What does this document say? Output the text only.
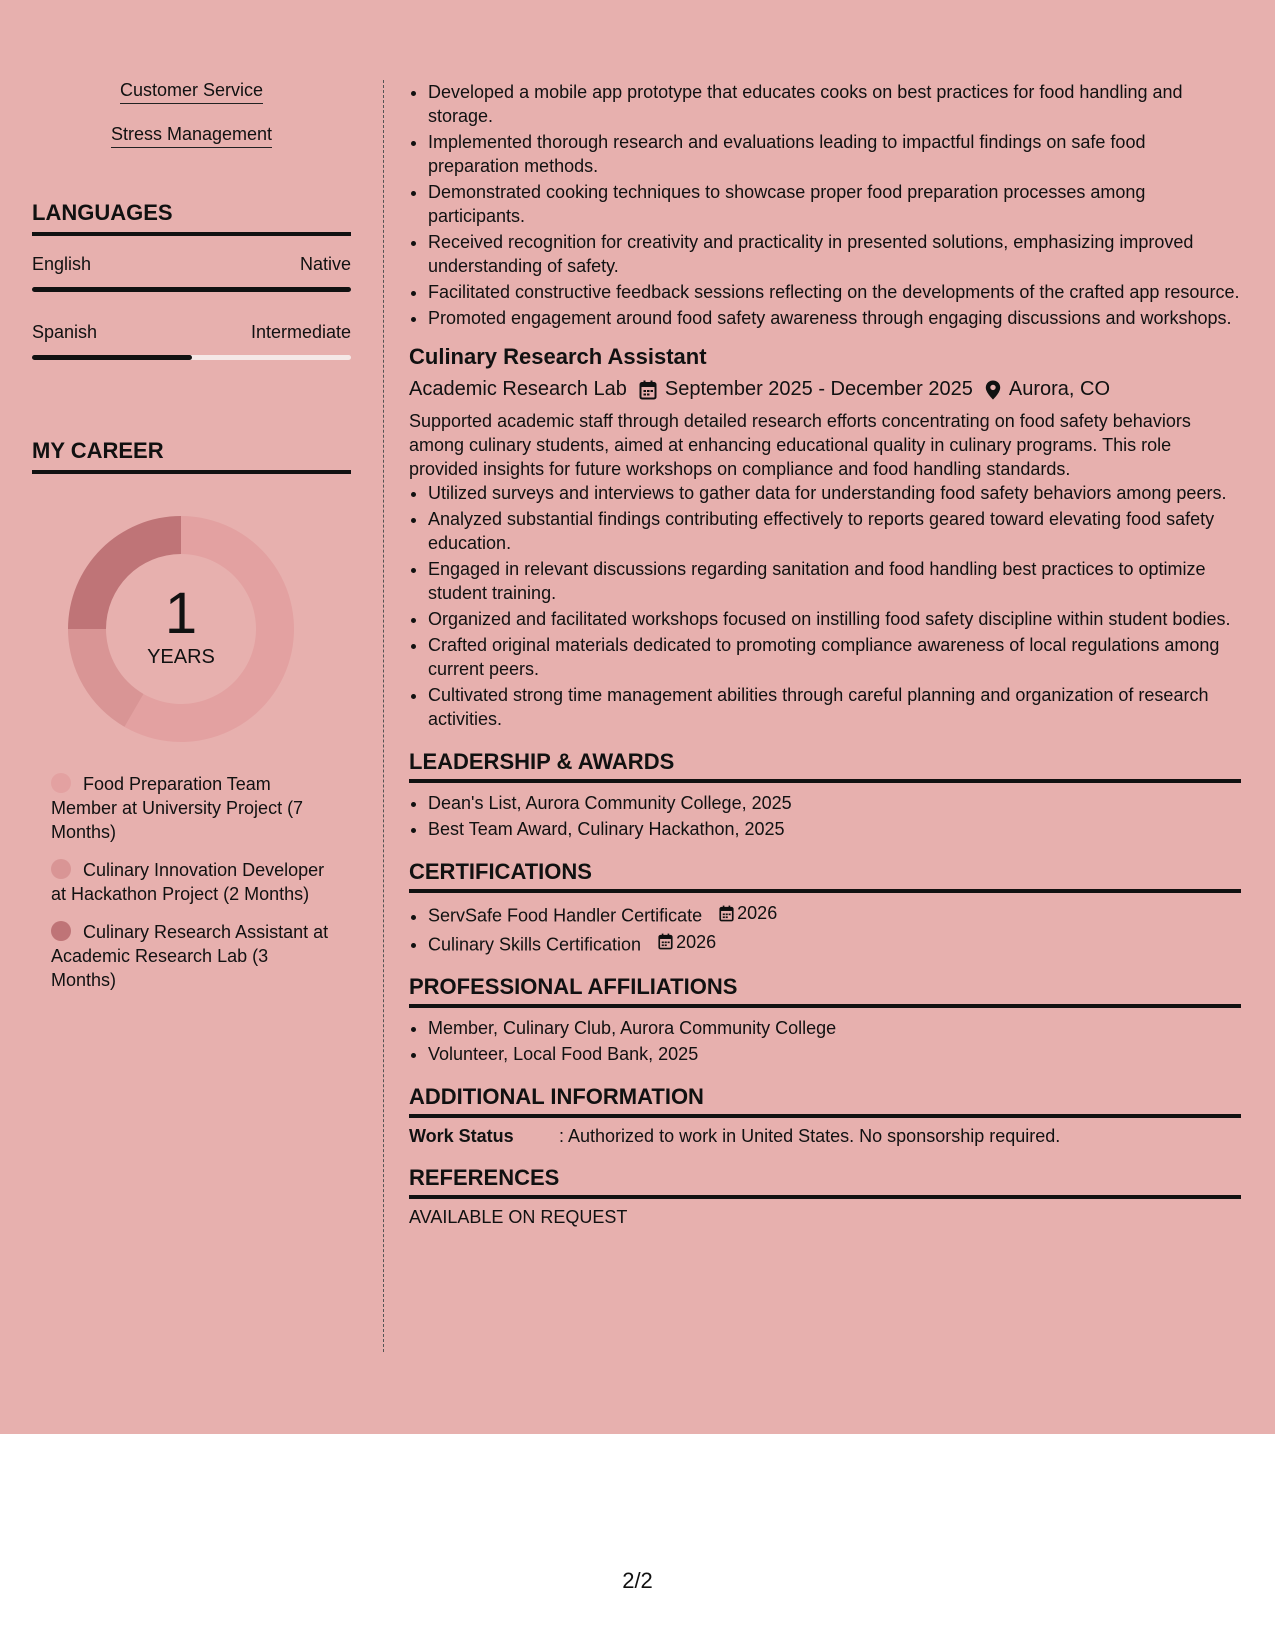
Customer Service
Stress Management
LANGUAGES
English	Native
Spanish	Intermediate
MY CAREER
1
YEARS
Food Preparation Team Member at University Project (7 Months)
Culinary Innovation Developer at Hackathon Project (2 Months)
Culinary Research Assistant at Academic Research Lab (3 Months)
• Developed a mobile app prototype that educates cooks on best practices for food handling and storage.
• Implemented thorough research and evaluations leading to impactful findings on safe food preparation methods.
• Demonstrated cooking techniques to showcase proper food preparation processes among participants.
• Received recognition for creativity and practicality in presented solutions, emphasizing improved understanding of safety.
• Facilitated constructive feedback sessions reflecting on the developments of the crafted app resource.
• Promoted engagement around food safety awareness through engaging discussions and workshops.
Culinary Research Assistant
Academic Research Lab September 2025 - December 2025 Aurora, CO
Supported academic staff through detailed research efforts concentrating on food safety behaviors among culinary students, aimed at enhancing educational quality in culinary programs. This role provided insights for future workshops on compliance and food handling standards.
• Utilized surveys and interviews to gather data for understanding food safety behaviors among peers.
• Analyzed substantial findings contributing effectively to reports geared toward elevating food safety education.
• Engaged in relevant discussions regarding sanitation and food handling best practices to optimize student training.
• Organized and facilitated workshops focused on instilling food safety discipline within student bodies.
• Crafted original materials dedicated to promoting compliance awareness of local regulations among current peers.
• Cultivated strong time management abilities through careful planning and organization of research activities.
LEADERSHIP & AWARDS
• Dean's List, Aurora Community College, 2025
• Best Team Award, Culinary Hackathon, 2025
CERTIFICATIONS
• ServSafe Food Handler Certificate 2026
• Culinary Skills Certification 2026
PROFESSIONAL AFFILIATIONS
• Member, Culinary Club, Aurora Community College
• Volunteer, Local Food Bank, 2025
ADDITIONAL INFORMATION
Work Status	: Authorized to work in United States. No sponsorship required.
REFERENCES
AVAILABLE ON REQUEST
2/2
